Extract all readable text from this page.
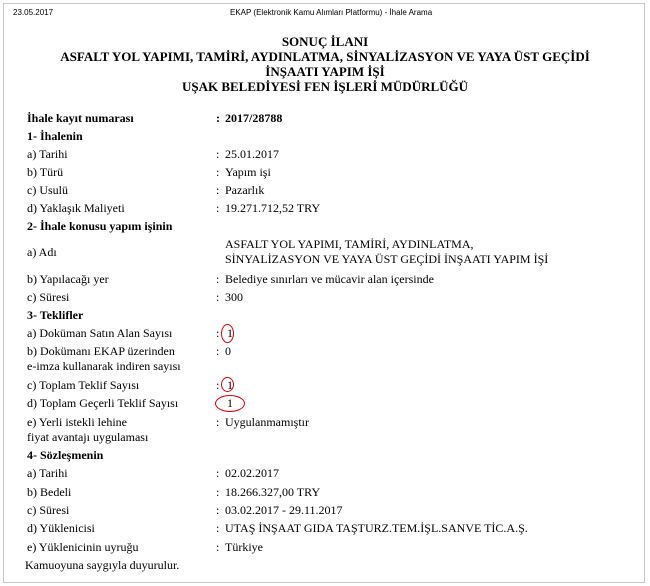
23.05.2017	EKAP (Elektronik Kamu Alımları Platformu) - İhale Arama
SONUÇ İLANI
ASFALT YOL YAPIMI, TAMİRİ, AYDINLATMA, SİNYALİZASYON VE YAYA ÜST GEÇİDİ
İNŞAATI YAPIM İŞİ
UŞAK BELEDİYESİ FEN İŞLERİ MÜDÜRLÜĞÜ
İhale kayıt numarası	: 2017/28788
1- İhalenin
a) Tarihi	: 25.01.2017
b) Türü	: Yapım işi
c) Usulü	: Pazarlık
d) Yaklaşık Maliyeti	: 19.271.712,52 TRY
2- İhale konusu yapım işinin
a) Adı
ASFALT YOL YAPIMI, TAMİRİ, AYDINLATMA,
SİNYALİZASYON VE YAYA ÜST GEÇİDİ İNŞAATI YAPIM İŞİ
b) Yapılacağı yer	: Belediye sınırları ve mücavir alan içersinde
c) Süresi	: 300
3- Teklifler
a) Doküman Satın Alan Sayısı	: 1
b) Dokümanı EKAP üzerinden	: 0
e-imza kullanarak indiren sayısı
c) Toplam Teklif Sayısı	: 1
d) Toplam Geçerli Teklif Sayısı	1
e) Yerli istekli lehine	: Uygulanmamıştır
fiyat avantajı uygulaması
4- Sözleşmenin
a) Tarihi	: 02.02.2017
b) Bedeli	: 18.266.327,00 TRY
c) Süresi	: 03.02.2017 - 29.11.2017
d) Yüklenicisi	: UTAŞ İNŞAAT GIDA TAŞTURZ.TEM.İŞL.SANVE TİC.A.Ş.
e) Yüklenicinin uyruğu	: Türkiye
Kamuoyuna saygıyla duyurulur.
